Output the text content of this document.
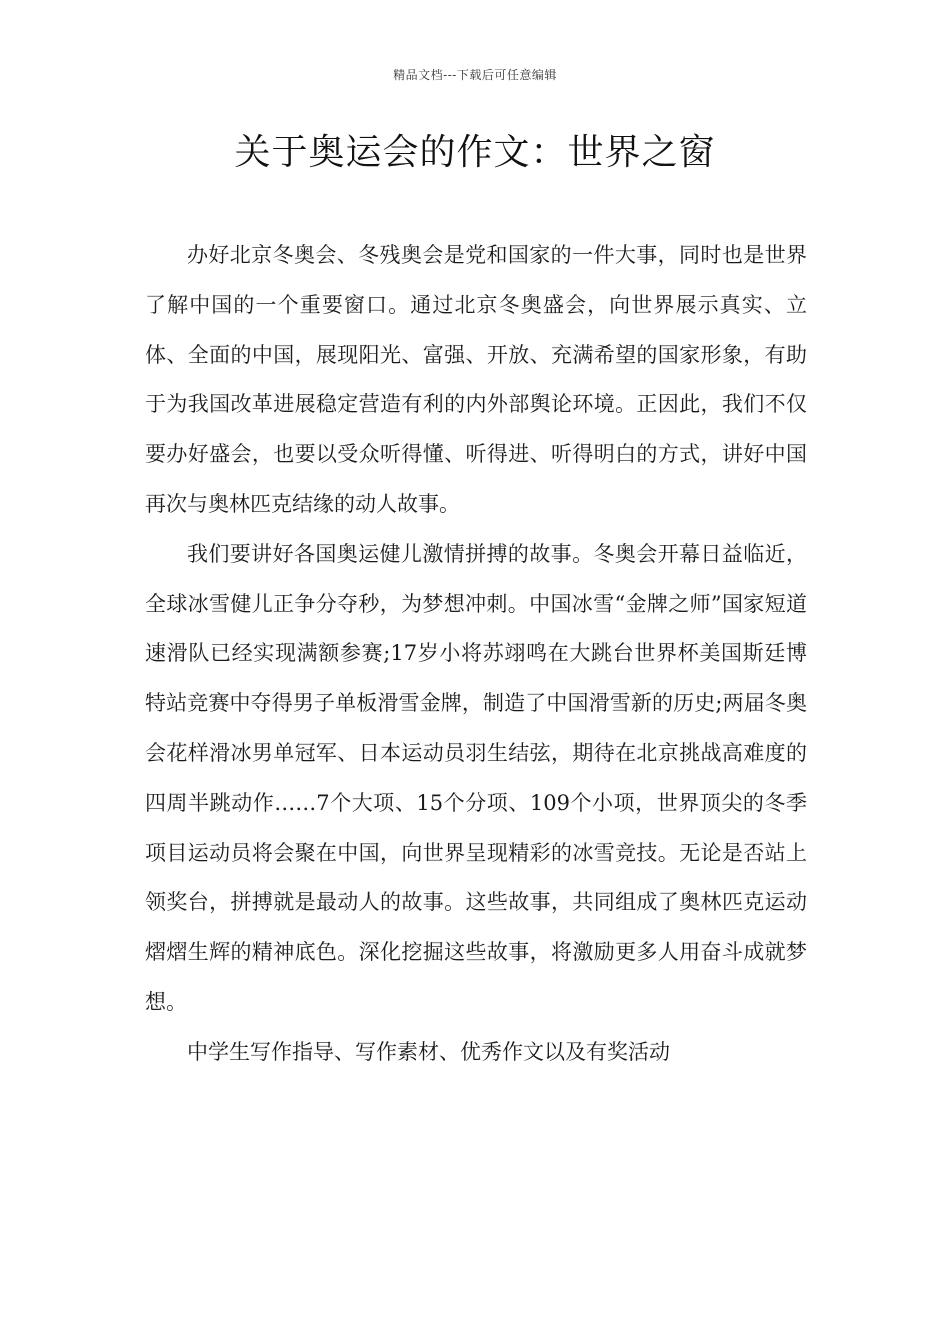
精品文档---下载后可任意编辑
关于奥运会的作文：世界之窗

办好北京冬奥会、冬残奥会是党和国家的一件大事，同时也是世界了解中国的一个重要窗口。通过北京冬奥盛会，向世界展示真实、立体、全面的中国，展现阳光、富强、开放、充满希望的国家形象，有助于为我国改革进展稳定营造有利的内外部舆论环境。正因此，我们不仅要办好盛会，也要以受众听得懂、听得进、听得明白的方式，讲好中国再次与奥林匹克结缘的动人故事。

我们要讲好各国奥运健儿激情拼搏的故事。冬奥会开幕日益临近，全球冰雪健儿正争分夺秒，为梦想冲刺。中国冰雪“金牌之师”国家短道速滑队已经实现满额参赛;17岁小将苏翊鸣在大跳台世界杯美国斯廷博特站竞赛中夺得男子单板滑雪金牌，制造了中国滑雪新的历史;两届冬奥会花样滑冰男单冠军、日本运动员羽生结弦，期待在北京挑战高难度的四周半跳动作……7个大项、15个分项、109个小项，世界顶尖的冬季项目运动员将会聚在中国，向世界呈现精彩的冰雪竞技。无论是否站上领奖台，拼搏就是最动人的故事。这些故事，共同组成了奥林匹克运动熠熠生辉的精神底色。深化挖掘这些故事，将激励更多人用奋斗成就梦想。

中学生写作指导、写作素材、优秀作文以及有奖活动
